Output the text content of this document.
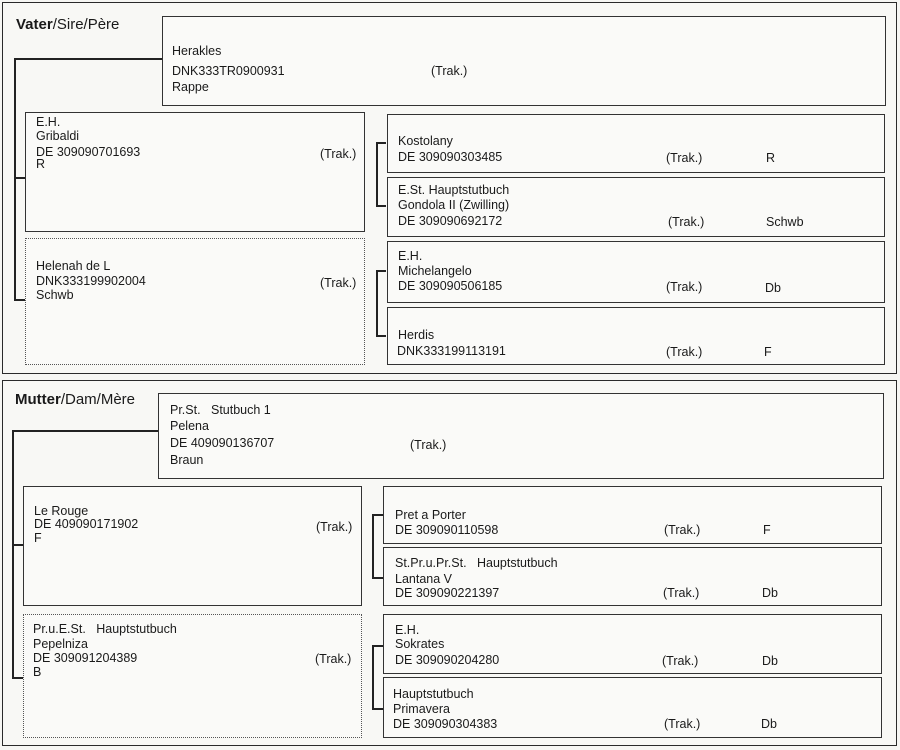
Vater/Sire/Père
Herakles
DNK333TR0900931	(Trak.)
Rappe
E.H.
Gribaldi
DE 309090701693	(Trak.)
R
Helenah de L
DNK333199902004	(Trak.)
Schwb
Kostolany
DE 309090303485	(Trak.)	R
E.St. Hauptstutbuch
Gondola II (Zwilling)
DE 309090692172	(Trak.)	Schwb
E.H.
Michelangelo
DE 309090506185	(Trak.)	Db
Herdis
DNK333199113191	(Trak.)	F
Mutter/Dam/Mère
Pr.St.   Stutbuch 1
Pelena
DE 409090136707	(Trak.)
Braun
Le Rouge
DE 409090171902	(Trak.)
F
Pr.u.E.St.   Hauptstutbuch
Pepelniza
DE 309091204389	(Trak.)
B
Pret a Porter
DE 309090110598	(Trak.)	F
St.Pr.u.Pr.St.   Hauptstutbuch
Lantana V
DE 309090221397	(Trak.)	Db
E.H.
Sokrates
DE 309090204280	(Trak.)	Db
Hauptstutbuch
Primavera
DE 309090304383	(Trak.)	Db
